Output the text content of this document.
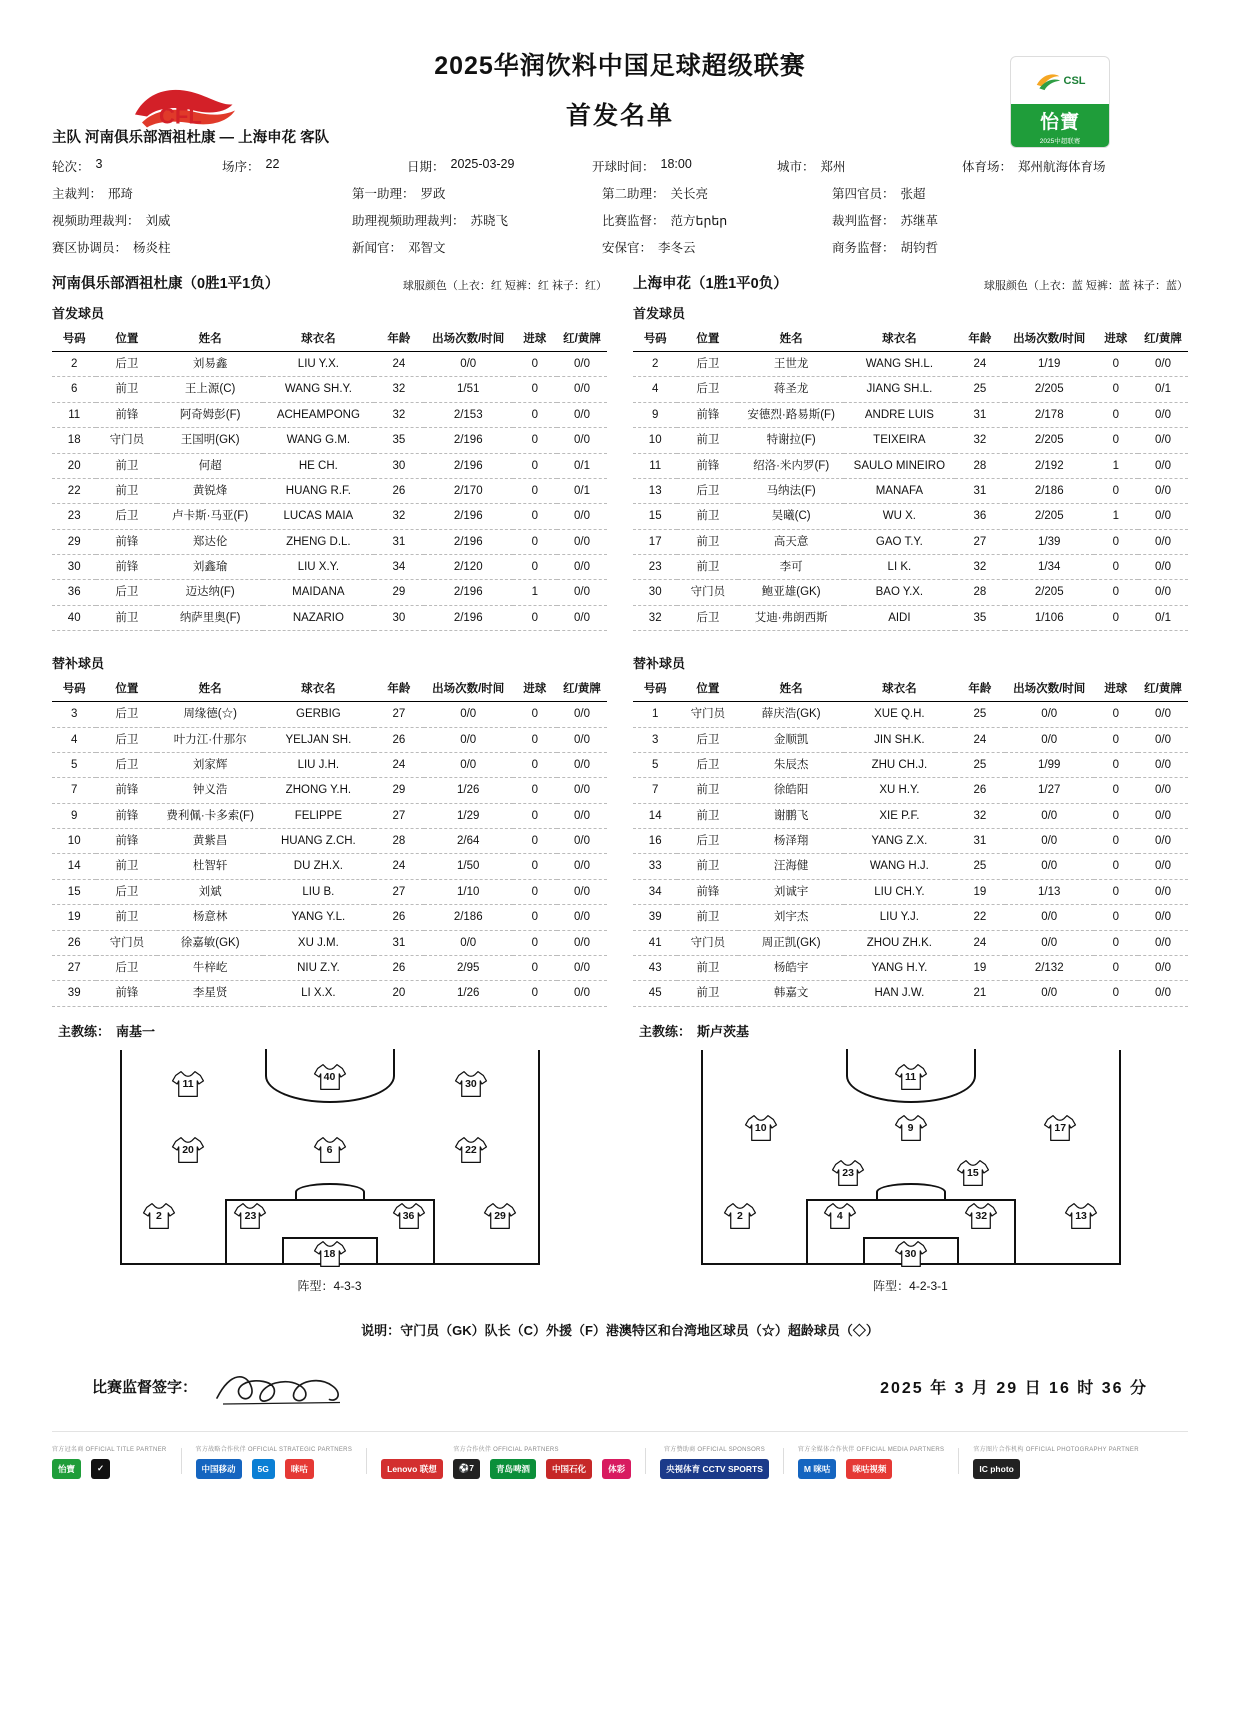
CFL
2025华润饮料中国足球超级联赛
首发名单
CSL
怡寶
2025中超联赛
主队 河南俱乐部酒祖杜康 — 上海申花 客队
轮次： 3	场序： 22	日期： 2025-03-29	开球时间： 18:00	城市： 郑州	体育场： 郑州航海体育场
主裁判： 邢琦	第一助理： 罗政	第二助理： 关长亮	第四官员： 张超
视频助理裁判： 刘威	助理视频助理裁判： 苏晓飞	比赛监督： 范方երեր	裁判监督： 苏继革
赛区协调员： 杨炎柱	新闻官： 邓智文	安保官： 李冬云	商务监督： 胡钧哲
河南俱乐部酒祖杜康（0胜1平1负）	球服颜色（上衣：红 短裤：红 袜子：红）
首发球员
号码	位置	姓名	球衣名	年龄	出场次数/时间	进球	红/黄牌
2	后卫	刘易鑫	LIU Y.X.	24	0/0	0	0/0
6	前卫	王上源(C)	WANG SH.Y.	32	1/51	0	0/0
11	前锋	阿奇姆彭(F)	ACHEAMPONG	32	2/153	0	0/0
18	守门员	王国明(GK)	WANG G.M.	35	2/196	0	0/0
20	前卫	何超	HE CH.	30	2/196	0	0/1
22	前卫	黄锐烽	HUANG R.F.	26	2/170	0	0/1
23	后卫	卢卡斯·马亚(F)	LUCAS MAIA	32	2/196	0	0/0
29	前锋	郑达伦	ZHENG D.L.	31	2/196	0	0/0
30	前锋	刘鑫瑜	LIU X.Y.	34	2/120	0	0/0
36	后卫	迈达纳(F)	MAIDANA	29	2/196	1	0/0
40	前卫	纳萨里奥(F)	NAZARIO	30	2/196	0	0/0
替补球员
号码	位置	姓名	球衣名	年龄	出场次数/时间	进球	红/黄牌
3	后卫	周缘德(☆)	GERBIG	27	0/0	0	0/0
4	后卫	叶力江·什那尔	YELJAN SH.	26	0/0	0	0/0
5	后卫	刘家辉	LIU J.H.	24	0/0	0	0/0
7	前锋	钟义浩	ZHONG Y.H.	29	1/26	0	0/0
9	前锋	费利佩·卡多索(F)	FELIPPE	27	1/29	0	0/0
10	前锋	黄紫昌	HUANG Z.CH.	28	2/64	0	0/0
14	前卫	杜智轩	DU ZH.X.	24	1/50	0	0/0
15	后卫	刘斌	LIU B.	27	1/10	0	0/0
19	前卫	杨意林	YANG Y.L.	26	2/186	0	0/0
26	守门员	徐嘉敏(GK)	XU J.M.	31	0/0	0	0/0
27	后卫	牛梓屹	NIU Z.Y.	26	2/95	0	0/0
39	前锋	李星贤	LI X.X.	20	1/26	0	0/0
主教练： 南基一
上海申花（1胜1平0负）	球服颜色（上衣：蓝 短裤：蓝 袜子：蓝）
首发球员
号码	位置	姓名	球衣名	年龄	出场次数/时间	进球	红/黄牌
2	后卫	王世龙	WANG SH.L.	24	1/19	0	0/0
4	后卫	蒋圣龙	JIANG SH.L.	25	2/205	0	0/1
9	前锋	安德烈·路易斯(F)	ANDRE LUIS	31	2/178	0	0/0
10	前卫	特谢拉(F)	TEIXEIRA	32	2/205	0	0/0
11	前锋	绍洛·米内罗(F)	SAULO MINEIRO	28	2/192	1	0/0
13	后卫	马纳法(F)	MANAFA	31	2/186	0	0/0
15	前卫	吴曦(C)	WU X.	36	2/205	1	0/0
17	前卫	高天意	GAO T.Y.	27	1/39	0	0/0
23	前卫	李可	LI K.	32	1/34	0	0/0
30	守门员	鲍亚雄(GK)	BAO Y.X.	28	2/205	0	0/0
32	后卫	艾迪·弗朗西斯	AIDI	35	1/106	0	0/1
替补球员
号码	位置	姓名	球衣名	年龄	出场次数/时间	进球	红/黄牌
1	守门员	薛庆浩(GK)	XUE Q.H.	25	0/0	0	0/0
3	后卫	金顺凯	JIN SH.K.	24	0/0	0	0/0
5	后卫	朱辰杰	ZHU CH.J.	25	1/99	0	0/0
7	前卫	徐皓阳	XU H.Y.	26	1/27	0	0/0
14	前卫	谢鹏飞	XIE P.F.	32	0/0	0	0/0
16	后卫	杨泽翔	YANG Z.X.	31	0/0	0	0/0
33	前卫	汪海健	WANG H.J.	25	0/0	0	0/0
34	前锋	刘诚宇	LIU CH.Y.	19	1/13	0	0/0
39	前卫	刘宇杰	LIU Y.J.	22	0/0	0	0/0
41	守门员	周正凯(GK)	ZHOU ZH.K.	24	0/0	0	0/0
43	前卫	杨皓宇	YANG H.Y.	19	2/132	0	0/0
45	前卫	韩嘉文	HAN J.W.	21	0/0	0	0/0
主教练： 斯卢茨基
11
40
30
20	6	22
2	23	36	29
18
阵型：4-3-3
11
10	9	17
23	15
2	4	32	13
30
阵型：4-2-3-1
说明：守门员（GK）队长（C）外援（F）港澳特区和台湾地区球员（☆）超龄球员（◇）
比赛监督签字：	2025 年 3 月 29 日 16 时 36 分
官方冠名商 OFFICIAL TITLE PARTNER
怡寶	✓
官方战略合作伙伴 OFFICIAL STRATEGIC PARTNERS
中国移动	5G	咪咕
官方合作伙伴 OFFICIAL PARTNERS
Lenovo 联想	⚽7	青岛啤酒	中国石化	体彩
官方赞助商 OFFICIAL SPONSORS
央视体育 CCTV SPORTS
官方全媒体合作伙伴 OFFICIAL MEDIA PARTNERS
M 咪咕	咪咕视频
官方图片合作机构 OFFICIAL PHOTOGRAPHY PARTNER
IC photo
